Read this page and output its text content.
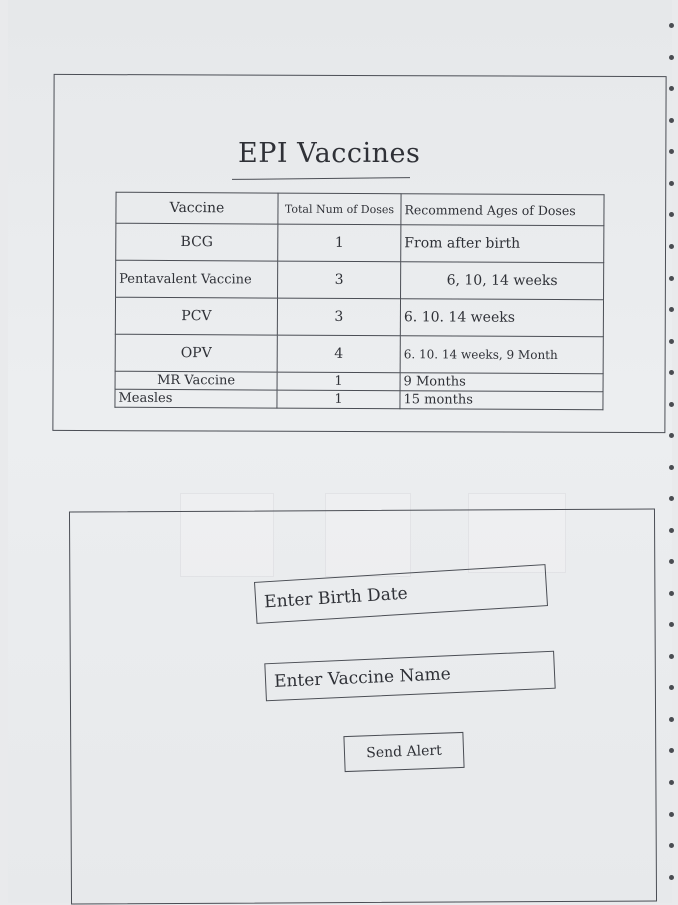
EPI Vaccines
Vaccine	Total Num of Doses	Recommend Ages of Doses
BCG	1	From after birth
Pentavalent Vaccine	3	6, 10, 14 weeks
PCV	3	6. 10. 14 weeks
OPV	4	6. 10. 14 weeks, 9 Month
MR Vaccine	1	9 Months
Measles	1	15 months
Enter Birth Date
Enter Vaccine Name
Send Alert
